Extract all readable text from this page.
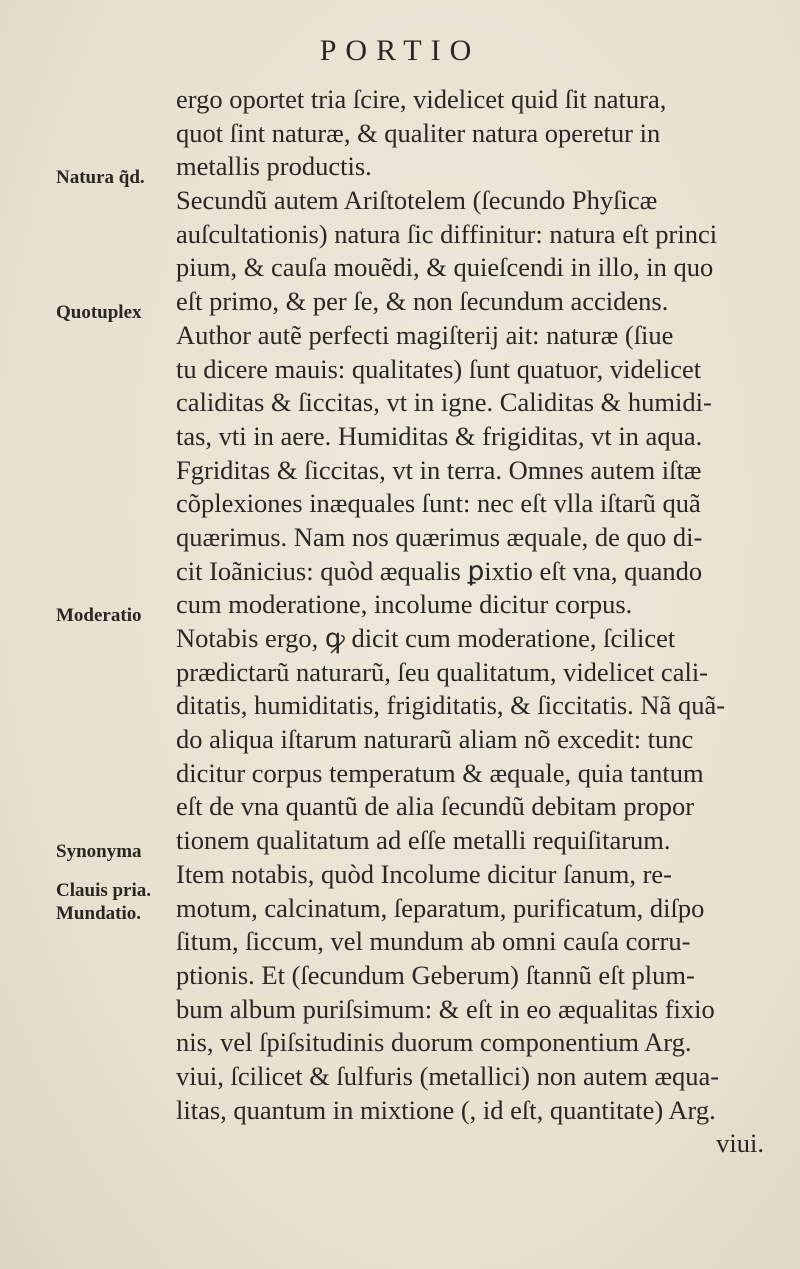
PORTIO
Natura q̃d.
Quotuplex
Moderatio
Synonyma
Clauis pria.
Mundatio.
ergo oportet tria ſcire, videlicet quid ſit natura,
quot ſint naturæ, & qualiter natura operetur in
metallis productis.
Secundũ autem Ariſtotelem (ſecundo Phyſicæ
auſcultationis) natura ſic diffinitur: natura eſt princi
pium, & cauſa mouẽdi, & quieſcendi in illo, in quo
eſt primo, & per ſe, & non ſecundum accidens.
Author autẽ perfecti magiſterij ait: naturæ (ſiue
tu dicere mauis: qualitates) ſunt quatuor, videlicet
caliditas & ſiccitas, vt in igne. Caliditas & humidi-
tas, vti in aere. Humiditas & frigiditas, vt in aqua.
Fgriditas & ſiccitas, vt in terra. Omnes autem iſtæ
cõplexiones inæquales ſunt: nec eſt vlla iſtarũ quã
quærimus. Nam nos quærimus æquale, de quo di-
cit Ioãnicius: quòd æqualis ꝑixtio eſt vna, quando
cum moderatione, incolume dicitur corpus.
Notabis ergo, ꝙ dicit cum moderatione, ſcilicet
prædictarũ naturarũ, ſeu qualitatum, videlicet cali-
ditatis, humiditatis, frigiditatis, & ſiccitatis. Nã quã-
do aliqua iſtarum naturarũ aliam nõ excedit: tunc
dicitur corpus temperatum & æquale, quia tantum
eſt de vna quantũ de alia ſecundũ debitam propor
tionem qualitatum ad eſſe metalli requiſitarum.
Item notabis, quòd Incolume dicitur ſanum, re-
motum, calcinatum, ſeparatum, purificatum, diſpo
ſitum, ſiccum, vel mundum ab omni cauſa corru-
ptionis. Et (ſecundum Geberum) ſtannũ eſt plum-
bum album puriſsimum: & eſt in eo æqualitas fixio
nis, vel ſpiſsitudinis duorum componentium Arg.
viui, ſcilicet & ſulfuris (metallici) non autem æqua-
litas, quantum in mixtione (, id eſt, quantitate) Arg.
viui.
